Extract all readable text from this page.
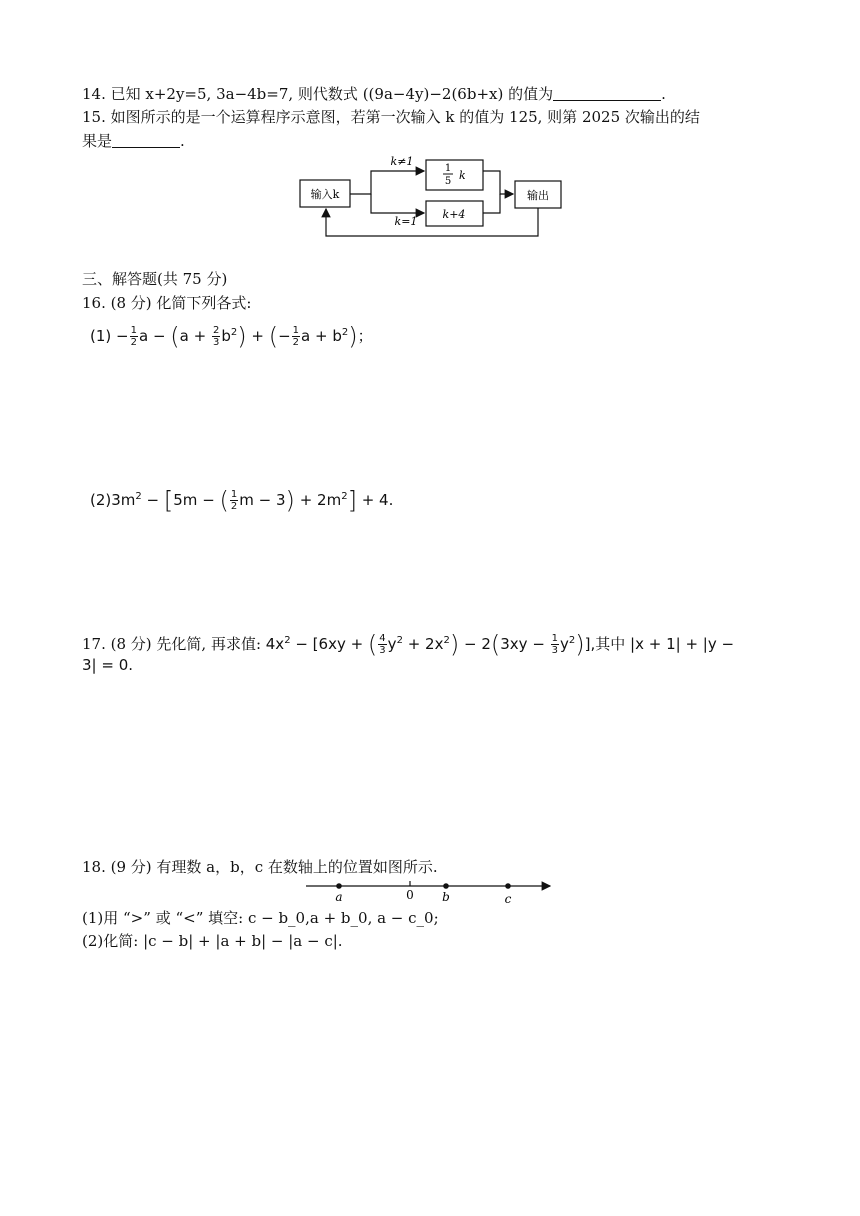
14. 已知 x+2y=5, 3a−4b=7, 则代数式 ((9a−4y)−2(6b+x) 的值为	.
15. 如图所示的是一个运算程序示意图，若第一次输入 k 的值为 125, 则第 2025 次输出的结
果是	.
输入k
k≠1
1
5 k
k+4
k=1
输出
三、解答题(共 75 分)
16. (8 分) 化简下列各式:
$(1) - \frac{1}{2}$ $a - (a + \frac{2}{3} b^2)$ + (− $\frac{1}{2}$ $a + b^2$)；
$(2)3m^2 - [5m$ − ( $\frac{1}{2}$ $m - 3) + 2m^2] + 4$.
17. (8 分) 先化简, 再求值: $4x^2 - [6xy$ + ( $\frac{4}{3} y^2 + 2x^2) - 2(3xy - \frac{1}{3} y^2)$],其中 |x + 1| + |y −
3| = 0.
18. (9 分) 有理数 a，b，c 在数轴上的位置如图所示.
a	0 b	c
(1)用 “>” 或 “<” 填空: c − b_0,a + b_0, a − c_0;
(2)化简: |c − b| + |a + b| − |a − c|.
